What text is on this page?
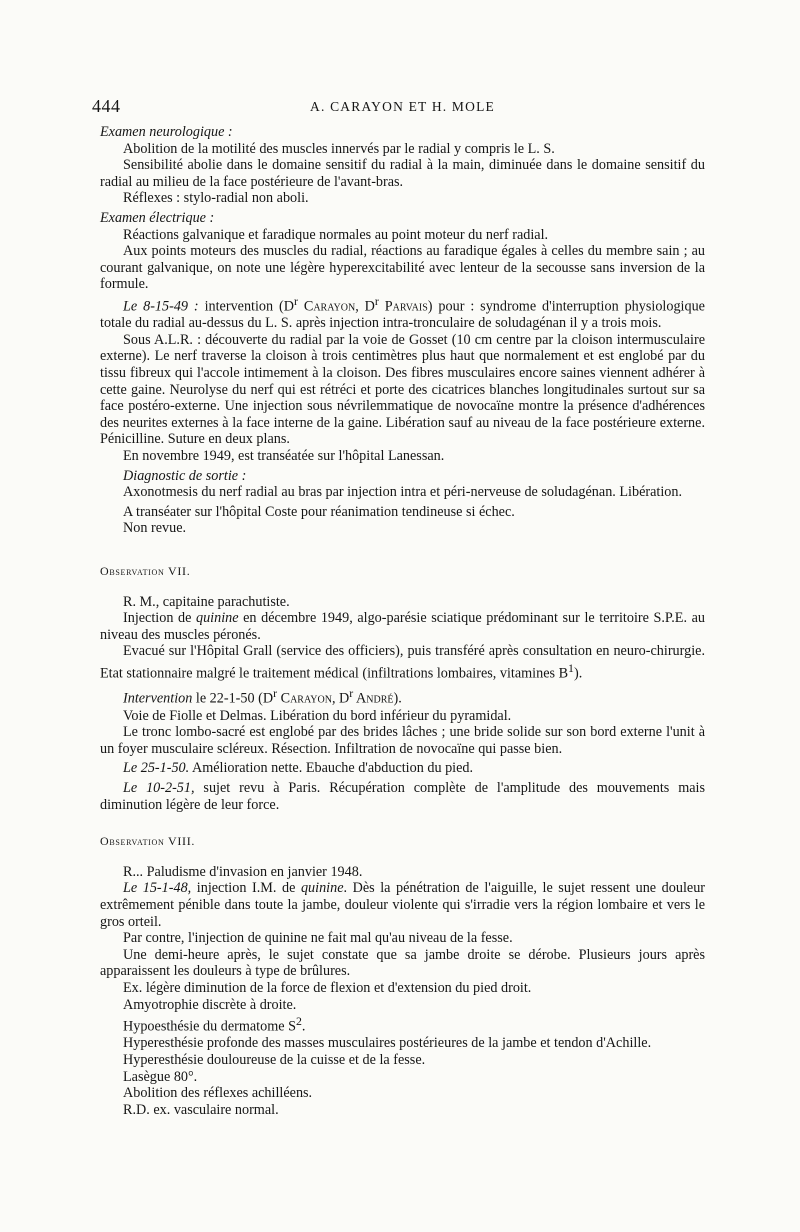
444	A. CARAYON ET H. MOLE

Examen neurologique :

Abolition de la motilité des muscles innervés par le radial y compris le L. S.

Sensibilité abolie dans le domaine sensitif du radial à la main, diminuée dans le domaine sensitif du radial au milieu de la face postérieure de l'avant-bras.

Réflexes : stylo-radial non aboli.

Examen électrique :

Réactions galvanique et faradique normales au point moteur du nerf radial.

Aux points moteurs des muscles du radial, réactions au faradique égales à celles du membre sain ; au courant galvanique, on note une légère hyperexcitabilité avec lenteur de la secousse sans inversion de la formule.

Le 8-15-49 : intervention ($D^r$ Carayon, $D^r$ Parvais) pour : syndrome d'interruption physiologique totale du radial au-dessus du L. S. après injection intra-tronculaire de soludagénan il y a trois mois.

Sous A.L.R. : découverte du radial par la voie de Gosset (10 cm centre par la cloison intermusculaire externe). Le nerf traverse la cloison à trois centimètres plus haut que normalement et est englobé par du tissu fibreux qui l'accole intimement à la cloison. Des fibres musculaires encore saines viennent adhérer à cette gaine. Neurolyse du nerf qui est rétréci et porte des cicatrices blanches longitudinales surtout sur sa face postéro-externe. Une injection sous névrilemmatique de novocaïne montre la présence d'adhérences des neurites externes à la face interne de la gaine. Libération sauf au niveau de la face postérieure externe. Pénicilline. Suture en deux plans.

En novembre 1949, est transéatée sur l'hôpital Lanessan.

Diagnostic de sortie :

Axonotmesis du nerf radial au bras par injection intra et péri-nerveuse de soludagénan. Libération.

A transéater sur l'hôpital Coste pour réanimation tendineuse si échec.

Non revue.

Observation VII.

R. M., capitaine parachutiste.

Injection de quinine en décembre 1949, algo-parésie sciatique prédominant sur le territoire S.P.E. au niveau des muscles péronés.

Evacué sur l'Hôpital Grall (service des officiers), puis transféré après consultation en neuro-chirurgie. Etat stationnaire malgré le traitement médical (infiltrations lombaires, vitamines $B^1$).

Intervention le 22-1-50 ($D^r$ Carayon, $D^r$ André).

Voie de Fiolle et Delmas. Libération du bord inférieur du pyramidal.

Le tronc lombo-sacré est englobé par des brides lâches ; une bride solide sur son bord externe l'unit à un foyer musculaire scléreux. Résection. Infiltration de novocaïne qui passe bien.

Le 25-1-50. Amélioration nette. Ebauche d'abduction du pied.

Le 10-2-51, sujet revu à Paris. Récupération complète de l'amplitude des mouvements mais diminution légère de leur force.

Observation VIII.

R... Paludisme d'invasion en janvier 1948.

Le 15-1-48, injection I.M. de quinine. Dès la pénétration de l'aiguille, le sujet ressent une douleur extrêmement pénible dans toute la jambe, douleur violente qui s'irradie vers la région lombaire et vers le gros orteil.

Par contre, l'injection de quinine ne fait mal qu'au niveau de la fesse.

Une demi-heure après, le sujet constate que sa jambe droite se dérobe. Plusieurs jours après apparaissent les douleurs à type de brûlures.

Ex. légère diminution de la force de flexion et d'extension du pied droit.

Amyotrophie discrète à droite.

Hypoesthésie du dermatome $S^2$.

Hyperesthésie profonde des masses musculaires postérieures de la jambe et tendon d'Achille.

Hyperesthésie douloureuse de la cuisse et de la fesse.

Lasègue 80°.

Abolition des réflexes achilléens.

R.D. ex. vasculaire normal.
